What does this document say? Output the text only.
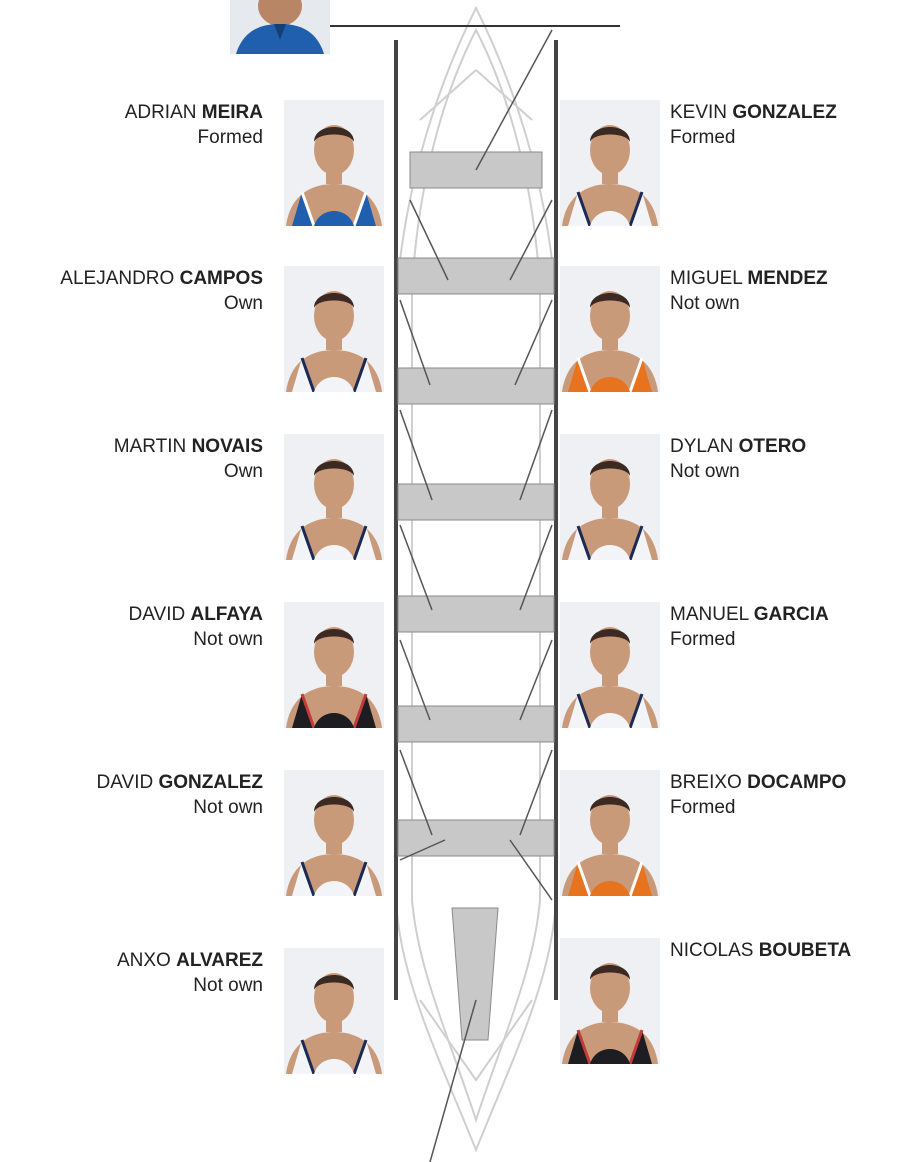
ADRIAN MEIRA
Formed
ALEJANDRO CAMPOS
Own
MARTIN NOVAIS
Own
DAVID ALFAYA
Not own
DAVID GONZALEZ
Not own
ANXO ALVAREZ
Not own
KEVIN GONZALEZ
Formed
MIGUEL MENDEZ
Not own
DYLAN OTERO
Not own
MANUEL GARCIA
Formed
BREIXO DOCAMPO
Formed
NICOLAS BOUBETA
